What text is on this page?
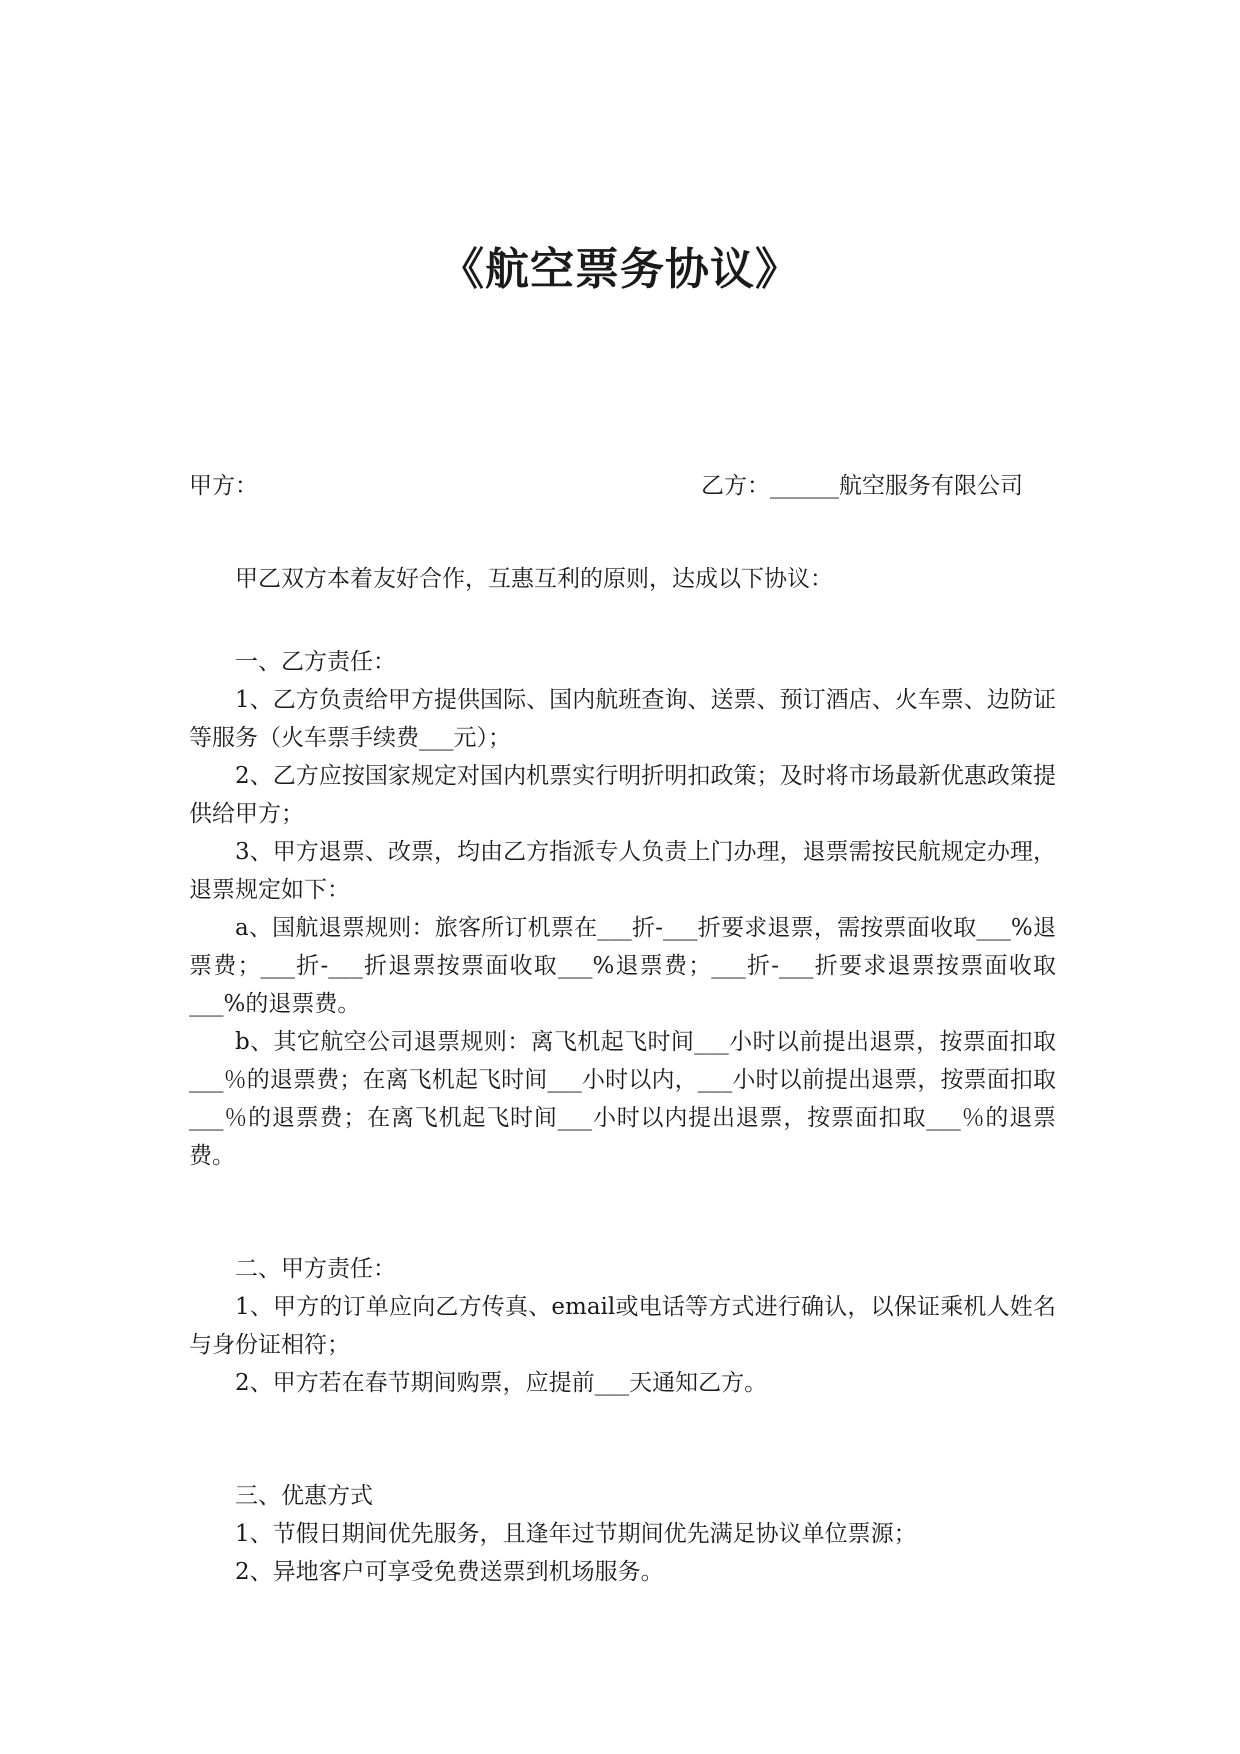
《航空票务协议》
甲方：	乙方：______航空服务有限公司

甲乙双方本着友好合作，互惠互利的原则，达成以下协议：

一、乙方责任：

1、乙方负责给甲方提供国际、国内航班查询、送票、预订酒店、火车票、边防证等服务（火车票手续费___元）；

2、乙方应按国家规定对国内机票实行明折明扣政策；及时将市场最新优惠政策提供给甲方；

3、甲方退票、改票，均由乙方指派专人负责上门办理，退票需按民航规定办理，退票规定如下：

a、国航退票规则：旅客所订机票在___折-___折要求退票，需按票面收取___%退票费；___折-___折退票按票面收取___%退票费；___折-___折要求退票按票面收取___%的退票费。

b、其它航空公司退票规则：离飞机起飞时间___小时以前提出退票，按票面扣取___％的退票费；在离飞机起飞时间___小时以内，___小时以前提出退票，按票面扣取___％的退票费；在离飞机起飞时间___小时以内提出退票，按票面扣取___％的退票费。

二、甲方责任：

1、甲方的订单应向乙方传真、email或电话等方式进行确认，以保证乘机人姓名与身份证相符；

2、甲方若在春节期间购票，应提前___天通知乙方。

三、优惠方式

1、节假日期间优先服务，且逢年过节期间优先满足协议单位票源；

2、异地客户可享受免费送票到机场服务。
